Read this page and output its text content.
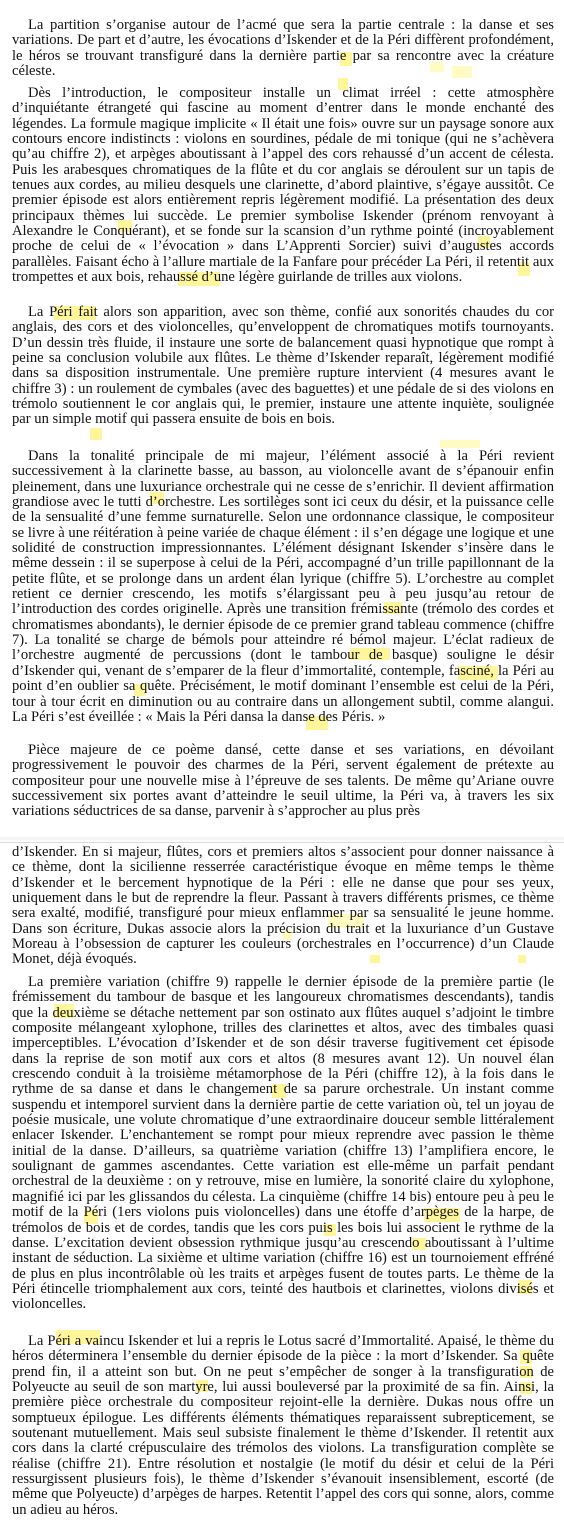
La partition s’organise autour de l’acmé que sera la partie centrale : la danse et ses variations. De part et d’autre, les évocations d’Iskender et de la Péri diffèrent profondément, le héros se trouvant transfiguré dans la dernière partie par sa rencontre avec la créature céleste.

Dès l’introduction, le compositeur installe un climat irréel : cette atmosphère d’inquiétante étrangeté qui fascine au moment d’entrer dans le monde enchanté des légendes. La formule magique implicite « Il était une fois» ouvre sur un paysage sonore aux contours encore indistincts : violons en sourdines, pédale de mi tonique (qui ne s’achèvera qu’au chiffre 2), et arpèges aboutissant à l’appel des cors rehaussé d’un accent de célesta. Puis les arabesques chromatiques de la flûte et du cor anglais se déroulent sur un tapis de tenues aux cordes, au milieu desquels une clarinette, d’abord plaintive, s’égaye aussitôt. Ce premier épisode est alors entièrement repris légèrement modifié. La présentation des deux principaux thèmes lui succède. Le premier symbolise Iskender (prénom renvoyant à Alexandre le Conquérant), et se fonde sur la scansion d’un rythme pointé (incroyablement proche de celui de « l’évocation » dans L’Apprenti Sorcier) suivi d’augustes accords parallèles. Faisant écho à l’allure martiale de la Fanfare pour précéder La Péri, il retentit aux trompettes et aux bois, rehaussé d’une légère guirlande de trilles aux violons.

La Péri fait alors son apparition, avec son thème, confié aux sonorités chaudes du cor anglais, des cors et des violoncelles, qu’enveloppent de chromatiques motifs tournoyants. D’un dessin très fluide, il instaure une sorte de balancement quasi hypnotique que rompt à peine sa conclusion volubile aux flûtes. Le thème d’Iskender reparaît, légèrement modifié dans sa disposition instrumentale. Une première rupture intervient (4 mesures avant le chiffre 3) : un roulement de cymbales (avec des baguettes) et une pédale de si des violons en trémolo soutiennent le cor anglais qui, le premier, instaure une attente inquiète, soulignée par un simple motif qui passera ensuite de bois en bois.

Dans la tonalité principale de mi majeur, l’élément associé à la Péri revient successivement à la clarinette basse, au basson, au violoncelle avant de s’épanouir enfin pleinement, dans une luxuriance orchestrale qui ne cesse de s’enrichir. Il devient affirmation grandiose avec le tutti d’orchestre. Les sortilèges sont ici ceux du désir, et la puissance celle de la sensualité d’une femme surnaturelle. Selon une ordonnance classique, le compositeur se livre à une réitération à peine variée de chaque élément : il s’en dégage une logique et une solidité de construction impressionnantes. L’élément désignant Iskender s’insère dans le même dessein : il se superpose à celui de la Péri, accompagné d’un trille papillonnant de la petite flûte, et se prolonge dans un ardent élan lyrique (chiffre 5). L’orchestre au complet retient ce dernier crescendo, les motifs s’élargissant peu à peu jusqu’au retour de l’introduction des cordes originelle. Après une transition frémissante (trémolo des cordes et chromatismes abondants), le dernier épisode de ce premier grand tableau commence (chiffre 7). La tonalité se charge de bémols pour atteindre ré bémol majeur. L’éclat radieux de l’orchestre augmenté de percussions (dont le tambour de basque) souligne le désir d’Iskender qui, venant de s’emparer de la fleur d’immortalité, contemple, fasciné, la Péri au point d’en oublier sa quête. Précisément, le motif dominant l’ensemble est celui de la Péri, tour à tour écrit en diminution ou au contraire dans un allongement subtil, comme alangui. La Péri s’est éveillée : « Mais la Péri dansa la danse des Péris. »

Pièce majeure de ce poème dansé, cette danse et ses variations, en dévoilant progressivement le pouvoir des charmes de la Péri, servent également de prétexte au compositeur pour une nouvelle mise à l’épreuve de ses talents. De même qu’Ariane ouvre successivement six portes avant d’atteindre le seuil ultime, la Péri va, à travers les six variations séductrices de sa danse, parvenir à s’approcher au plus près

d’Iskender. En si majeur, flûtes, cors et premiers altos s’associent pour donner naissance à ce thème, dont la sicilienne resserrée caractéristique évoque en même temps le thème d’Iskender et le bercement hypnotique de la Péri : elle ne danse que pour ses yeux, uniquement dans le but de reprendre la fleur. Passant à travers différents prismes, ce thème sera exalté, modifié, transfiguré pour mieux enflammer par sa sensualité le jeune homme. Dans son écriture, Dukas associe alors la précision du trait et la luxuriance d’un Gustave Moreau à l’obsession de capturer les couleurs (orchestrales en l’occurrence) d’un Claude Monet, déjà évoqués.

La première variation (chiffre 9) rappelle le dernier épisode de la première partie (le frémissement du tambour de basque et les langoureux chromatismes descendants), tandis que la deuxième se détache nettement par son ostinato aux flûtes auquel s’adjoint le timbre composite mélangeant xylophone, trilles des clarinettes et altos, avec des timbales quasi imperceptibles. L’évocation d’Iskender et de son désir traverse fugitivement cet épisode dans la reprise de son motif aux cors et altos (8 mesures avant 12). Un nouvel élan crescendo conduit à la troisième métamorphose de la Péri (chiffre 12), à la fois dans le rythme de sa danse et dans le changement de sa parure orchestrale. Un instant comme suspendu et intemporel survient dans la dernière partie de cette variation où, tel un joyau de poésie musicale, une volute chromatique d’une extraordinaire douceur semble littéralement enlacer Iskender. L’enchantement se rompt pour mieux reprendre avec passion le thème initial de la danse. D’ailleurs, sa quatrième variation (chiffre 13) l’amplifiera encore, le soulignant de gammes ascendantes. Cette variation est elle-même un parfait pendant orchestral de la deuxième : on y retrouve, mise en lumière, la sonorité claire du xylophone, magnifié ici par les glissandos du célesta. La cinquième (chiffre 14 bis) entoure peu à peu le motif de la Péri (1ers violons puis violoncelles) dans une étoffe d’arpèges de la harpe, de trémolos de bois et de cordes, tandis que les cors puis les bois lui associent le rythme de la danse. L’excitation devient obsession rythmique jusqu’au crescendo aboutissant à l’ultime instant de séduction. La sixième et ultime variation (chiffre 16) est un tournoiement effréné de plus en plus incontrôlable où les traits et arpèges fusent de toutes parts. Le thème de la Péri étincelle triomphalement aux cors, teinté des hautbois et clarinettes, violons divisés et violoncelles.

La Péri a vaincu Iskender et lui a repris le Lotus sacré d’Immortalité. Apaisé, le thème du héros déterminera l’ensemble du dernier épisode de la pièce : la mort d’Iskender. Sa quête prend fin, il a atteint son but. On ne peut s’empêcher de songer à la transfiguration de Polyeucte au seuil de son martyre, lui aussi bouleversé par la proximité de sa fin. Ainsi, la première pièce orchestrale du compositeur rejoint-elle la dernière. Dukas nous offre un somptueux épilogue. Les différents éléments thématiques reparaissent subrepticement, se soutenant mutuellement. Mais seul subsiste finalement le thème d’Iskender. Il retentit aux cors dans la clarté crépusculaire des trémolos des violons. La transfiguration complète se réalise (chiffre 21). Entre résolution et nostalgie (le motif du désir et celui de la Péri ressurgissent plusieurs fois), le thème d’Iskender s’évanouit insensiblement, escorté (de même que Polyeucte) d’arpèges de harpes. Retentit l’appel des cors qui sonne, alors, comme un adieu au héros.
